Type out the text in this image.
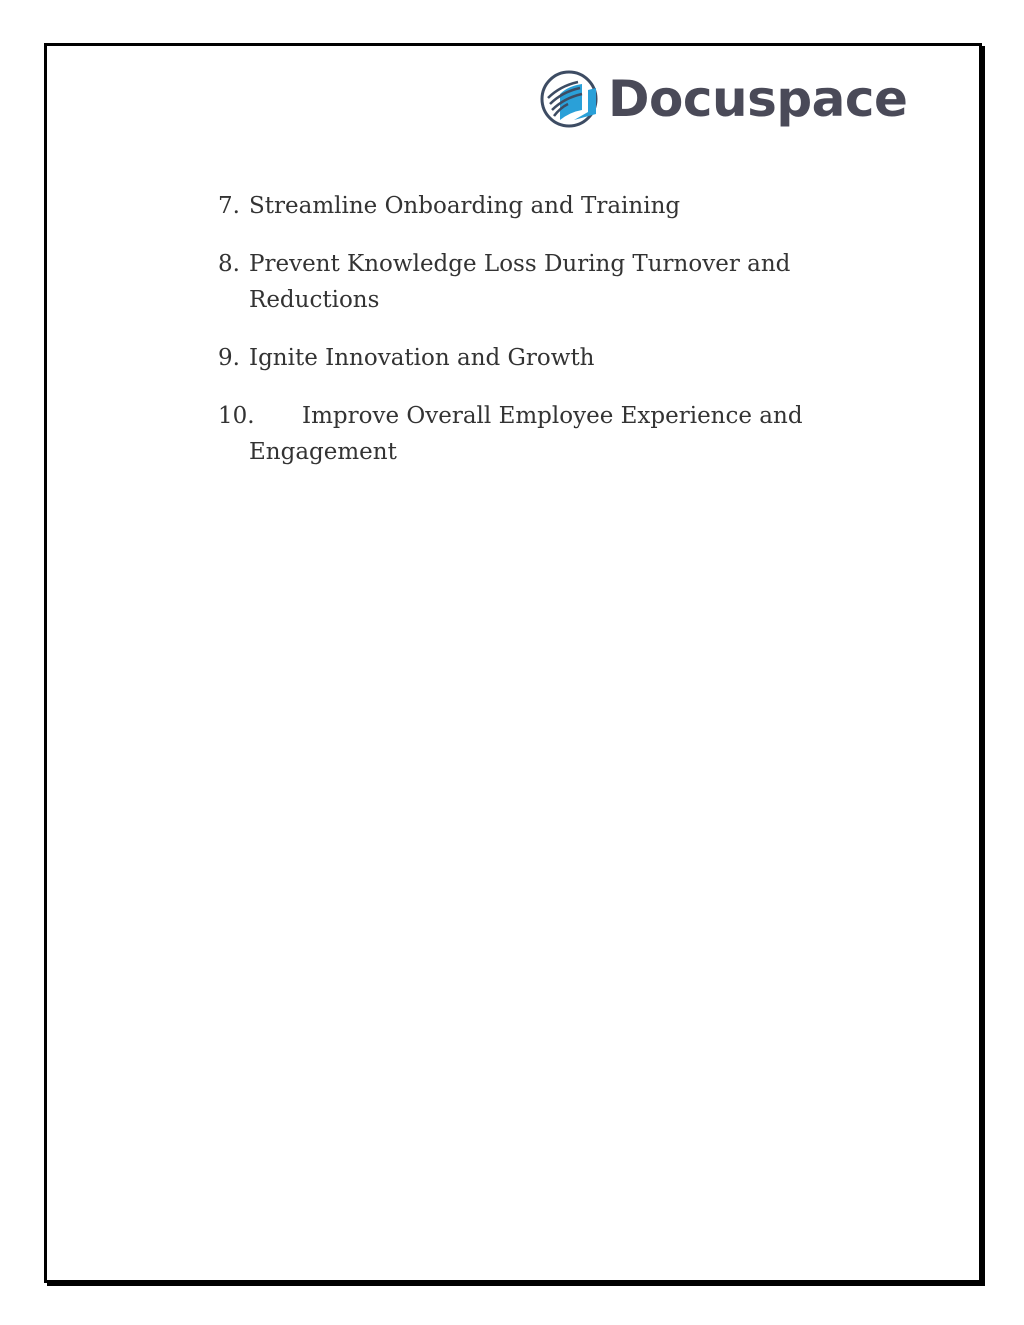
Docuspace
7. Streamline Onboarding and Training
8. Prevent Knowledge Loss During Turnover and Reductions
9. Ignite Innovation and Growth
10.	Improve Overall Employee Experience and
Engagement
